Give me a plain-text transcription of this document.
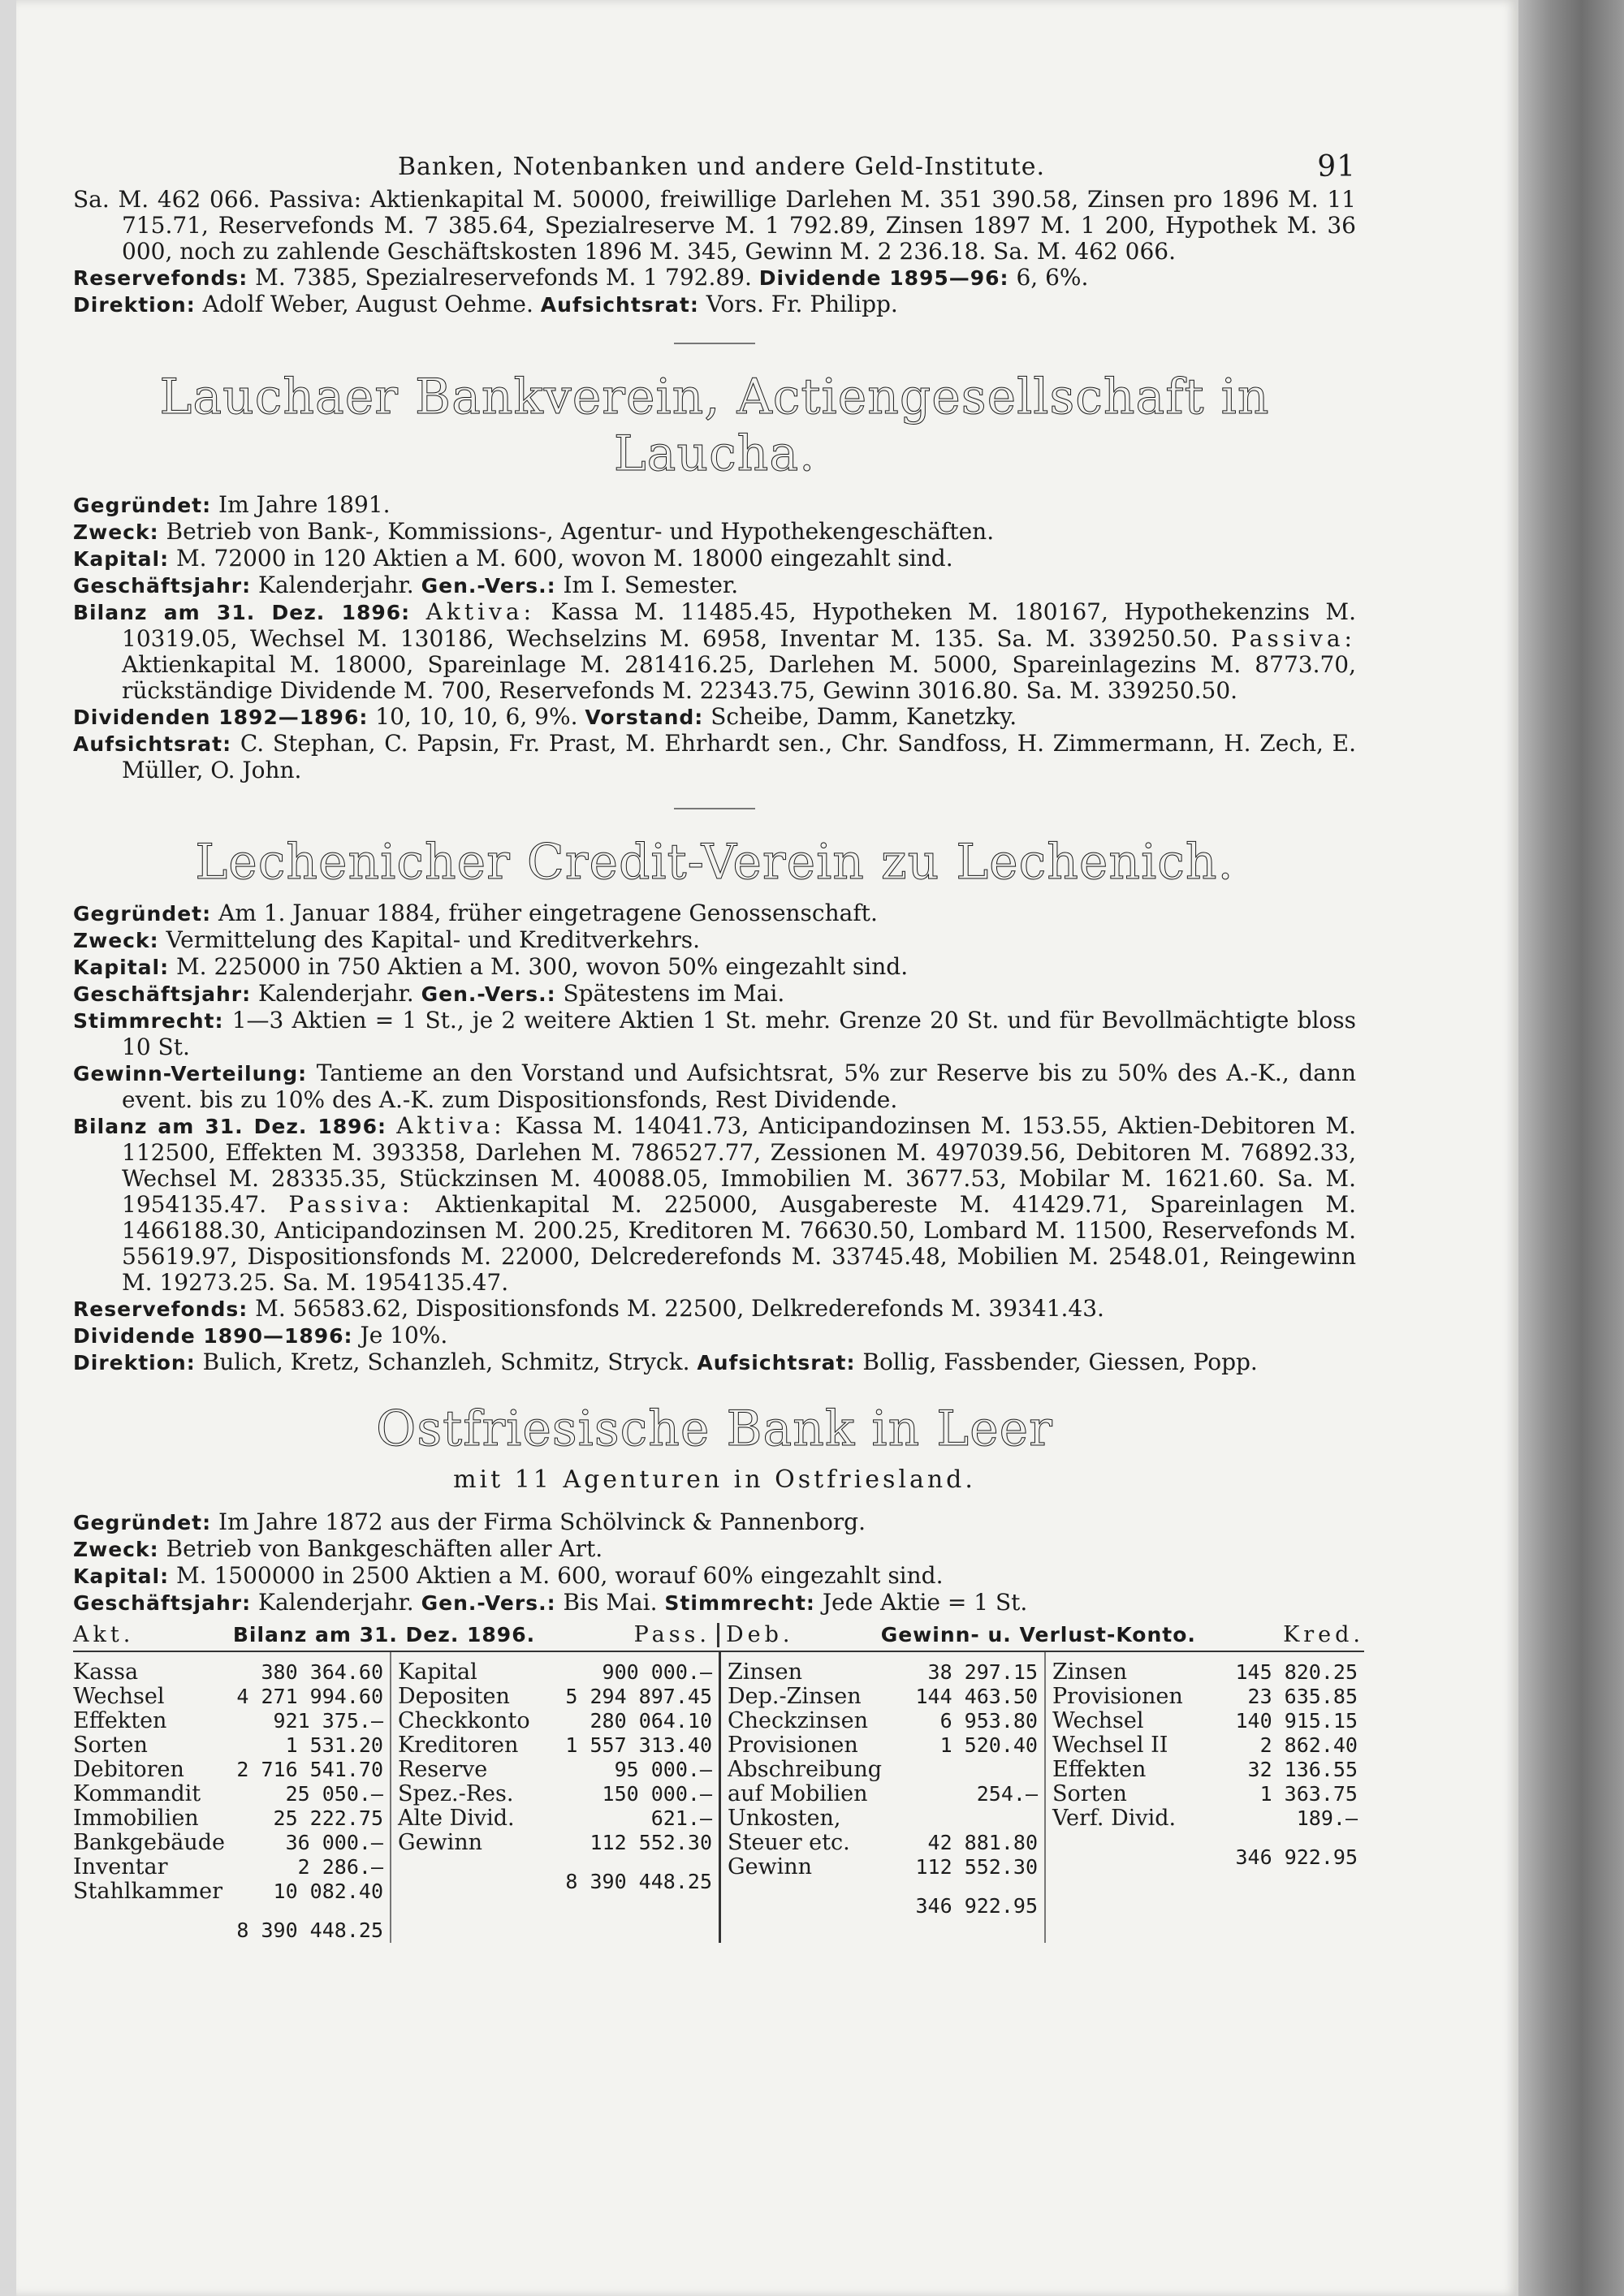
Banken, Notenbanken und andere Geld-Institute.	91

Sa. M. 462 066. Passiva: Aktienkapital M. 50000, freiwillige Darlehen M. 351 390.58, Zinsen pro 1896 M. 11 715.71, Reservefonds M. 7 385.64, Spezialreserve M. 1 792.89, Zinsen 1897 M. 1 200, Hypothek M. 36 000, noch zu zahlende Geschäftskosten 1896 M. 345, Gewinn M. 2 236.18. Sa. M. 462 066.

Reservefonds: M. 7385, Spezialreservefonds M. 1 792.89. Dividende 1895—96: 6, 6%.

Direktion: Adolf Weber, August Oehme. Aufsichtsrat: Vors. Fr. Philipp.

Lauchaer Bankverein, Actiengesellschaft in Laucha.

Gegründet: Im Jahre 1891.

Zweck: Betrieb von Bank-, Kommissions-, Agentur- und Hypothekengeschäften.

Kapital: M. 72000 in 120 Aktien a M. 600, wovon M. 18000 eingezahlt sind.

Geschäftsjahr: Kalenderjahr. Gen.-Vers.: Im I. Semester.

Bilanz am 31. Dez. 1896: Aktiva: Kassa M. 11485.45, Hypotheken M. 180167, Hypothekenzins M. 10319.05, Wechsel M. 130186, Wechselzins M. 6958, Inventar M. 135. Sa. M. 339250.50. Passiva: Aktienkapital M. 18000, Spareinlage M. 281416.25, Darlehen M. 5000, Spareinlagezins M. 8773.70, rückständige Dividende M. 700, Reservefonds M. 22343.75, Gewinn 3016.80. Sa. M. 339250.50.

Dividenden 1892—1896: 10, 10, 10, 6, 9%. Vorstand: Scheibe, Damm, Kanetzky.

Aufsichtsrat: C. Stephan, C. Papsin, Fr. Prast, M. Ehrhardt sen., Chr. Sandfoss, H. Zimmermann, H. Zech, E. Müller, O. John.

Lechenicher Credit-Verein zu Lechenich.

Gegründet: Am 1. Januar 1884, früher eingetragene Genossenschaft.

Zweck: Vermittelung des Kapital- und Kreditverkehrs.

Kapital: M. 225000 in 750 Aktien a M. 300, wovon 50% eingezahlt sind.

Geschäftsjahr: Kalenderjahr. Gen.-Vers.: Spätestens im Mai.

Stimmrecht: 1—3 Aktien = 1 St., je 2 weitere Aktien 1 St. mehr. Grenze 20 St. und für Bevollmächtigte bloss 10 St.

Gewinn-Verteilung: Tantieme an den Vorstand und Aufsichtsrat, 5% zur Reserve bis zu 50% des A.-K., dann event. bis zu 10% des A.-K. zum Dispositionsfonds, Rest Dividende.

Bilanz am 31. Dez. 1896: Aktiva: Kassa M. 14041.73, Anticipandozinsen M. 153.55, Aktien-Debitoren M. 112500, Effekten M. 393358, Darlehen M. 786527.77, Zessionen M. 497039.56, Debitoren M. 76892.33, Wechsel M. 28335.35, Stückzinsen M. 40088.05, Immobilien M. 3677.53, Mobilar M. 1621.60. Sa. M. 1954135.47. Passiva: Aktienkapital M. 225000, Ausgabereste M. 41429.71, Spareinlagen M. 1466188.30, Anticipandozinsen M. 200.25, Kreditoren M. 76630.50, Lombard M. 11500, Reservefonds M. 55619.97, Dispositionsfonds M. 22000, Delcrederefonds M. 33745.48, Mobilien M. 2548.01, Reingewinn M. 19273.25. Sa. M. 1954135.47.

Reservefonds: M. 56583.62, Dispositionsfonds M. 22500, Delkrederefonds M. 39341.43.

Dividende 1890—1896: Je 10%.

Direktion: Bulich, Kretz, Schanzleh, Schmitz, Stryck. Aufsichtsrat: Bollig, Fassbender, Giessen, Popp.

Ostfriesische Bank in Leer
mit 11 Agenturen in Ostfriesland.

Gegründet: Im Jahre 1872 aus der Firma Schölvinck & Pannenborg.

Zweck: Betrieb von Bankgeschäften aller Art.

Kapital: M. 1500000 in 2500 Aktien a M. 600, worauf 60% eingezahlt sind.

Geschäftsjahr: Kalenderjahr. Gen.-Vers.: Bis Mai. Stimmrecht: Jede Aktie = 1 St.

Akt.	Bilanz am 31. Dez. 1896.	Pass. Deb.	Gewinn- u. Verlust-Konto.	Kred.
Kassa	380 364.60
Wechsel	4 271 994.60
Effekten	921 375.—
Sorten	1 531.20
Debitoren	2 716 541.70
Kommandit	25 050.—
Immobilien	25 222.75
Bankgebäude	36 000.—
Inventar	2 286.—
Stahlkammer	10 082.40
8 390 448.25
Kapital	900 000.—
Depositen	5 294 897.45
Checkkonto	280 064.10
Kreditoren 1 557 313.40
Reserve	95 000.—
Spez.-Res.	150 000.—
Alte Divid.	621.—
Gewinn	112 552.30
8 390 448.25
Zinsen	38 297.15
Dep.-Zinsen	144 463.50
Checkzinsen	6 953.80
Provisionen	1 520.40
Abschreibung
auf Mobilien	254.—
Unkosten,
Steuer etc.	42 881.80
Gewinn	112 552.30
346 922.95
Zinsen	145 820.25
Provisionen	23 635.85
Wechsel	140 915.15
Wechsel II	2 862.40
Effekten	32 136.55
Sorten	1 363.75
Verf. Divid.	189.—
346 922.95
